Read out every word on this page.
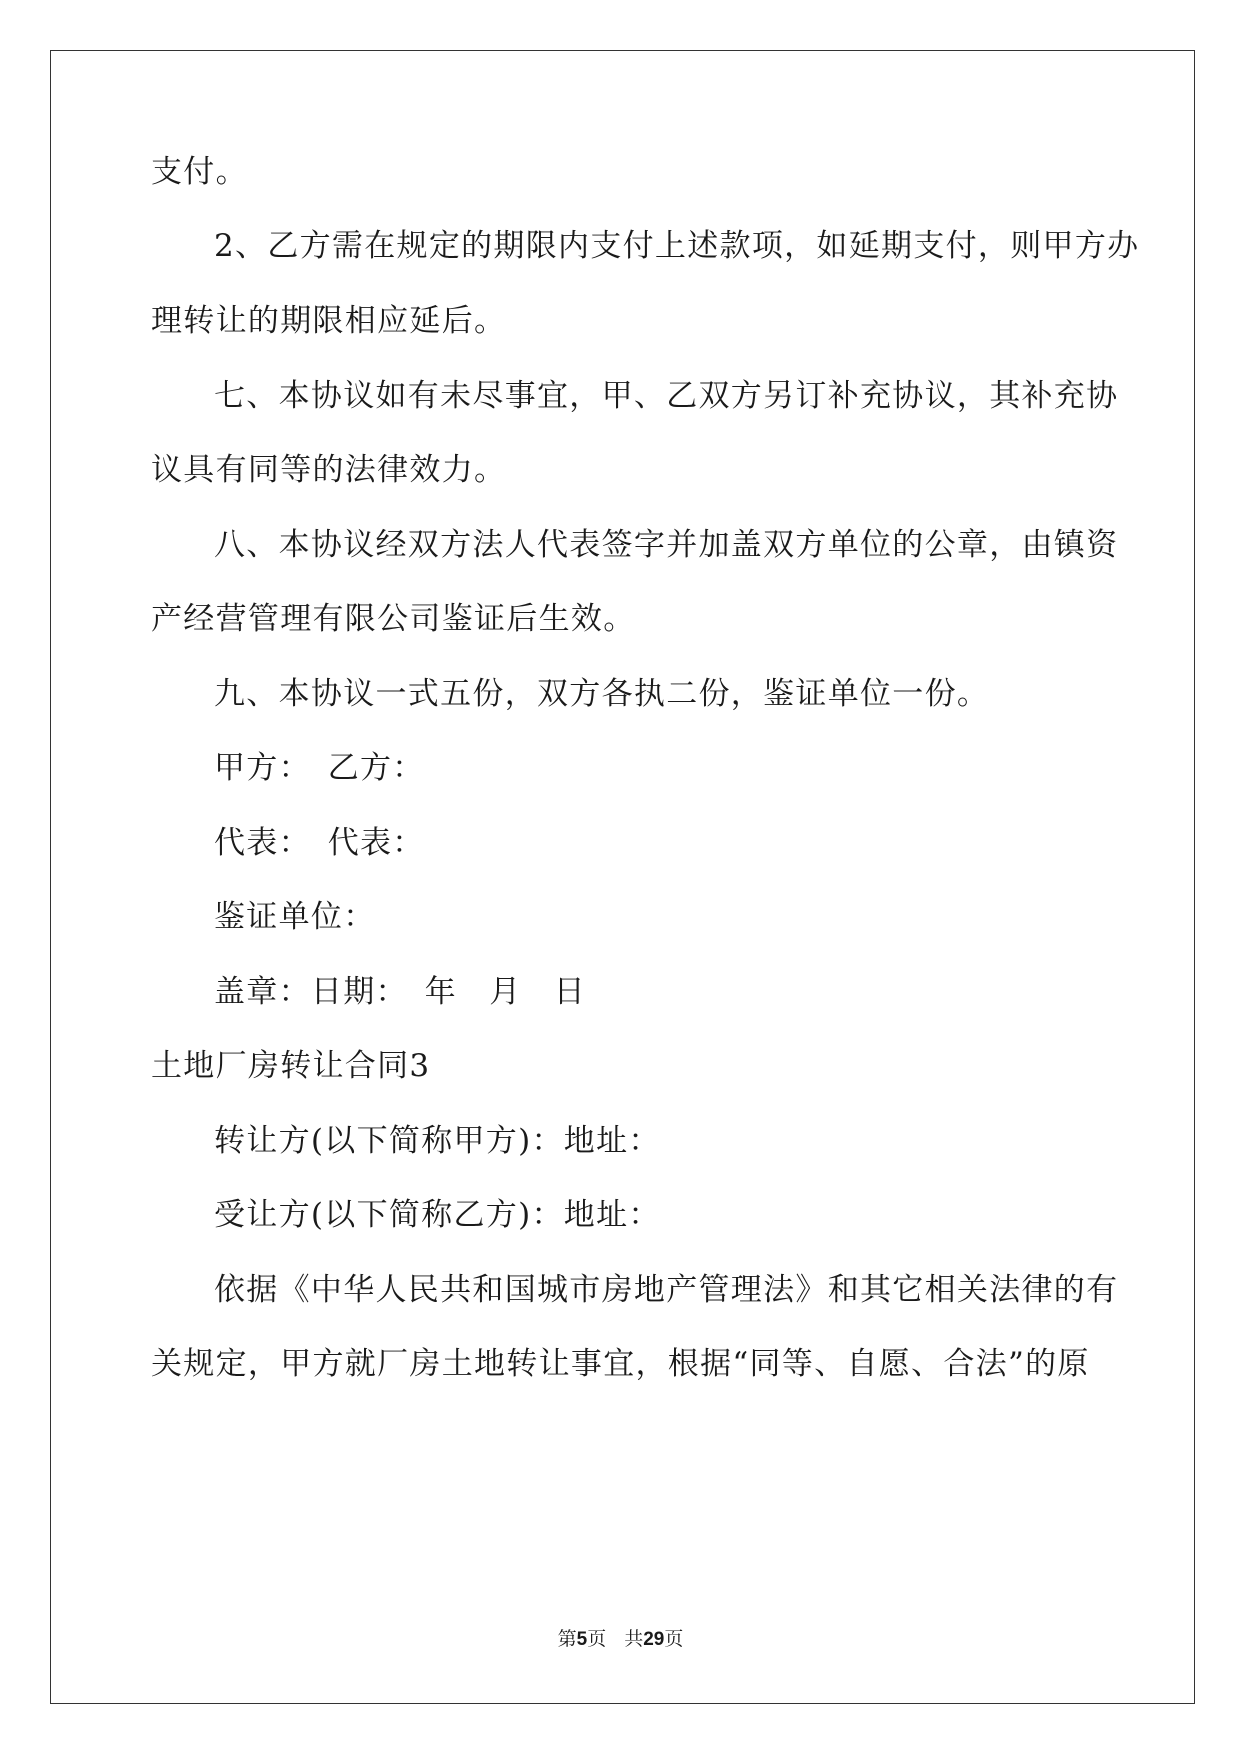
支付。
2、乙方需在规定的期限内支付上述款项，如延期支付，则甲方办
理转让的期限相应延后。
七、本协议如有未尽事宜，甲、乙双方另订补充协议，其补充协
议具有同等的法律效力。
八、本协议经双方法人代表签字并加盖双方单位的公章，由镇资
产经营管理有限公司鉴证后生效。
九、本协议一式五份，双方各执二份，鉴证单位一份。
甲方：　乙方：
代表：　代表：
鉴证单位：
盖章：日期：　年　月　日
土地厂房转让合同3
转让方(以下简称甲方)：地址：
受让方(以下简称乙方)：地址：
依据《中华人民共和国城市房地产管理法》和其它相关法律的有
关规定，甲方就厂房土地转让事宜，根据“同等、自愿、合法”的原
第5页 共29页
